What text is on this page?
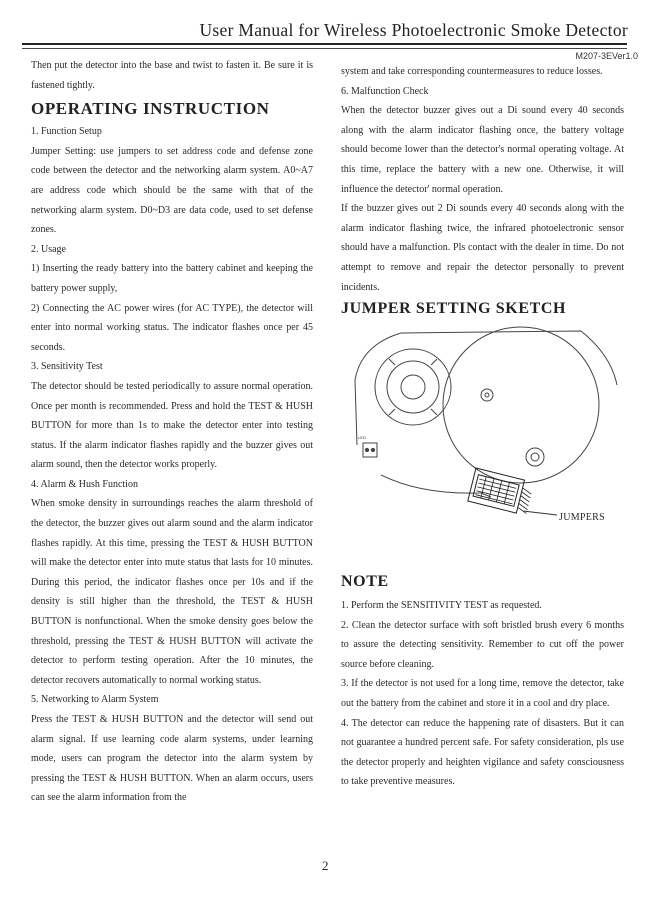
User Manual for Wireless Photoelectronic Smoke Detector
M207-3EVer1.0

Then put the detector into the base and twist to fasten it. Be sure it is fastened tightly.

OPERATING INSTRUCTION

1. Function Setup

Jumper Setting: use jumpers to set address code and defense zone code between the detector and the networking alarm system. A0~A7 are address code which should be the same with that of the networking alarm system. D0~D3 are data code, used to set defense zones.

2. Usage

1) Inserting the ready battery into the battery cabinet and keeping the battery power supply,

2) Connecting the AC power wires (for AC TYPE), the detector will enter into normal working status. The indicator flashes once per 45 seconds.

3. Sensitivity Test

The detector should be tested periodically to assure normal operation. Once per month is recommended. Press and hold the TEST & HUSH BUTTON for more than 1s to make the detector enter into testing status. If the alarm indicator flashes rapidly and the buzzer gives out alarm sound, then the detector works properly.

4. Alarm & Hush Function

When smoke density in surroundings reaches the alarm threshold of the detector, the buzzer gives out alarm sound and the alarm indicator flashes rapidly. At this time, pressing the TEST & HUSH BUTTON will make the detector enter into mute status that lasts for 10 minutes. During this period, the indicator flashes once per 10s and if the density is still higher than the threshold, the TEST & HUSH BUTTON is nonfunctional. When the smoke density goes below the threshold, pressing the TEST & HUSH BUTTON will activate the detector to perform testing operation. After the 10 minutes, the detector recovers automatically to normal working status.

5. Networking to Alarm System

Press the TEST & HUSH BUTTON and the detector will send out alarm signal. If use learning code alarm systems, under learning mode, users can program the detector into the alarm system by pressing the TEST & HUSH BUTTON. When an alarm occurs, users can see the alarm information from the

system and take corresponding countermeasures to reduce losses.

6. Malfunction Check

When the detector buzzer gives out a Di sound every 40 seconds along with the alarm indicator flashing once, the battery voltage should become lower than the detector's normal operating voltage. At this time, replace the battery with a new one. Otherwise, it will influence the detector' normal operation.

If the buzzer gives out 2 Di sounds every 40 seconds along with the alarm indicator flashing twice, the infrared photoelectronic sensor should have a malfunction. Pls contact with the dealer in time. Do not attempt to remove and repair the detector personally to prevent incidents.

JUMPER SETTING SKETCH
LED
JUMPERS
NOTE

1. Perform the SENSITIVITY TEST as requested.

2. Clean the detector surface with soft bristled brush every 6 months to assure the detecting sensitivity. Remember to cut off the power source before cleaning.

3. If the detector is not used for a long time, remove the detector, take out the battery from the cabinet and store it in a cool and dry place.

4. The detector can reduce the happening rate of disasters. But it can not guarantee a hundred percent safe. For safety consideration, pls use the detector properly and heighten vigilance and safety consciousness to take preventive measures.

2
